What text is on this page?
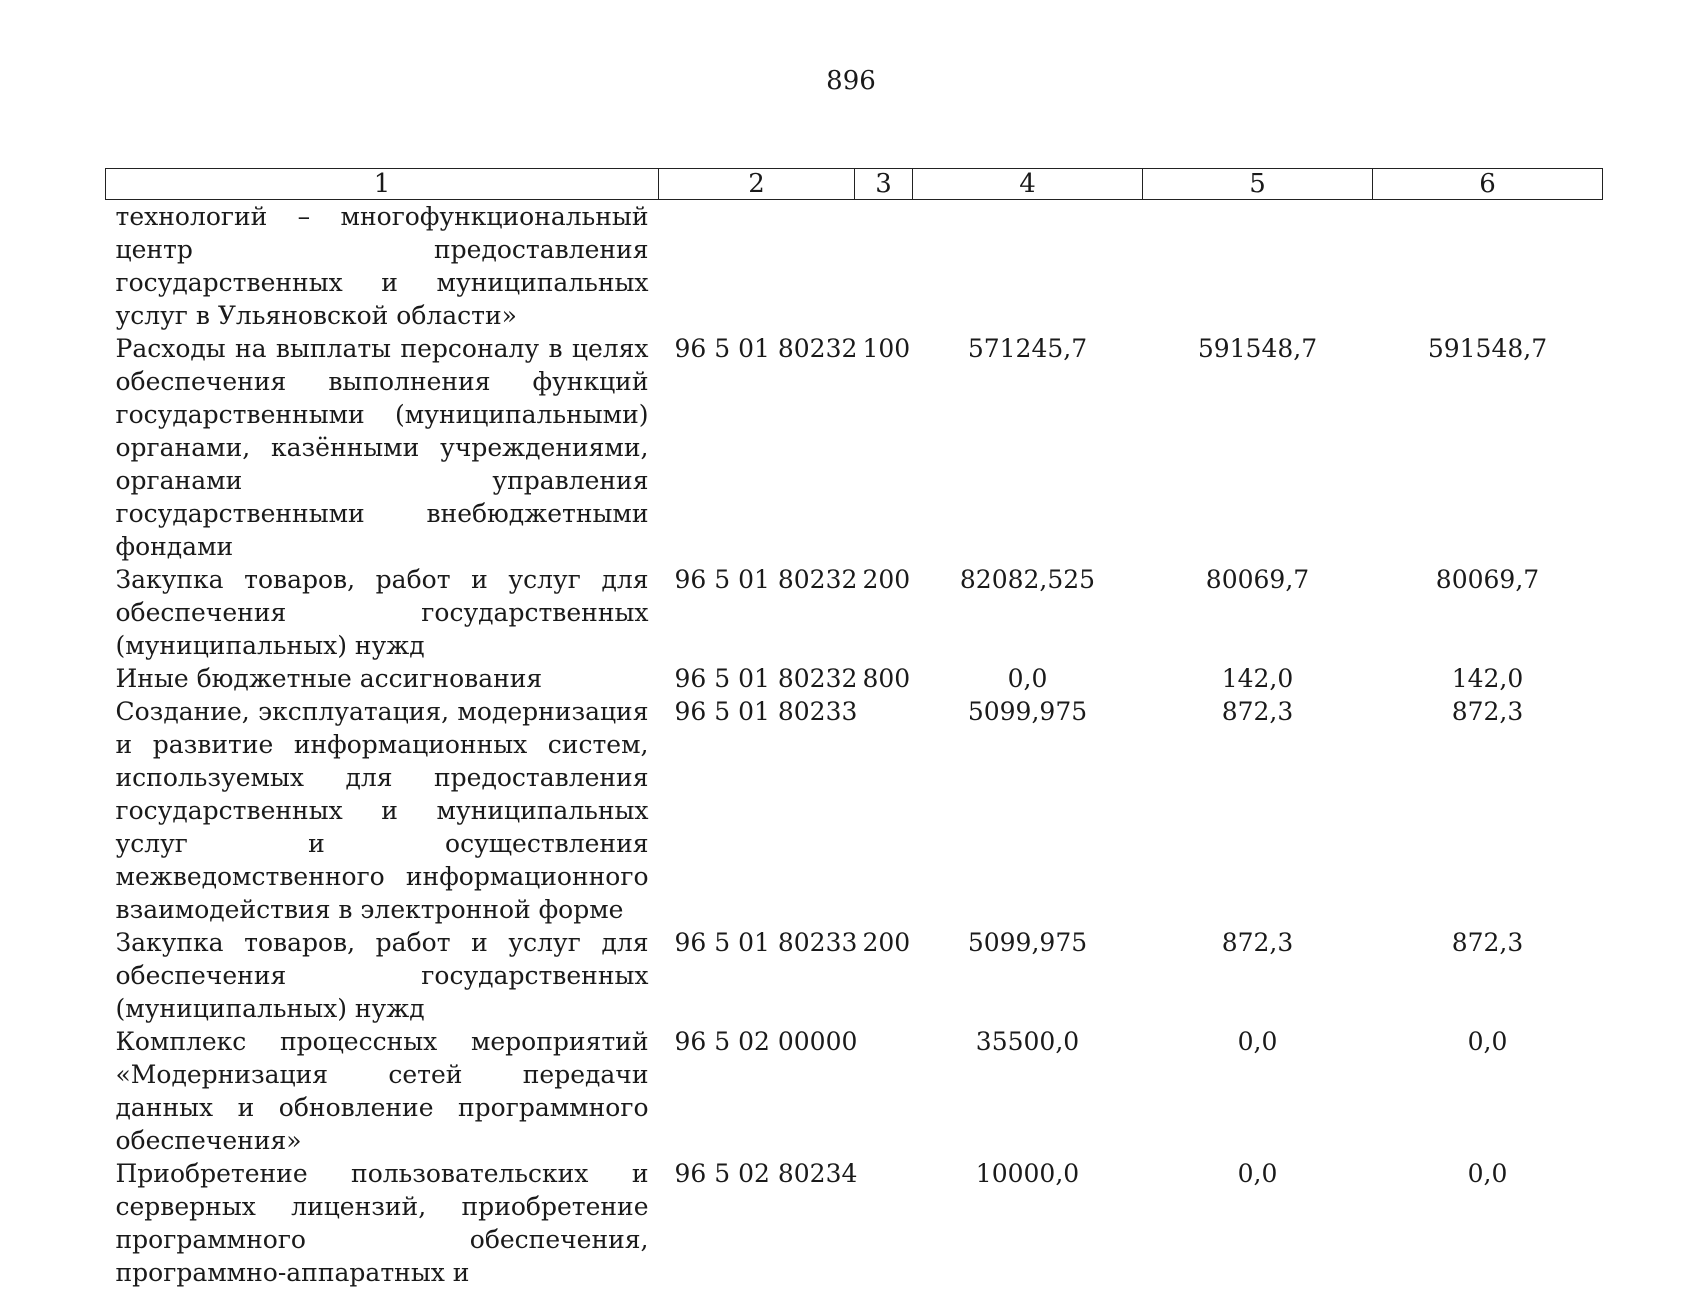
896
1	2	3	4	5	6
технологий – многофункциональный центр предоставления государственных и муниципальных услуг в Ульяновской области»					
Расходы на выплаты персоналу в целях обеспечения выполнения функций государственными (муниципальными) органами, казёнными учреждениями, органами управления государственными внебюджетными фондами	96 5 01 80232	100	571245,7	591548,7	591548,7
Закупка товаров, работ и услуг для обеспечения государственных (муниципальных) нужд	96 5 01 80232	200	82082,525	80069,7	80069,7
Иные бюджетные ассигнования	96 5 01 80232	800	0,0	142,0	142,0
Создание, эксплуатация, модернизация и развитие информационных систем, используемых для предоставления государственных и муниципальных услуг и осуществления межведомственного информационного взаимодействия в электронной форме	96 5 01 80233		5099,975	872,3	872,3
Закупка товаров, работ и услуг для обеспечения государственных (муниципальных) нужд	96 5 01 80233	200	5099,975	872,3	872,3
Комплекс процессных мероприятий «Модернизация сетей передачи данных и обновление программного обеспечения»	96 5 02 00000		35500,0	0,0	0,0
Приобретение пользовательских и серверных лицензий, приобретение программного обеспечения, программно-аппаратных и	96 5 02 80234		10000,0	0,0	0,0
